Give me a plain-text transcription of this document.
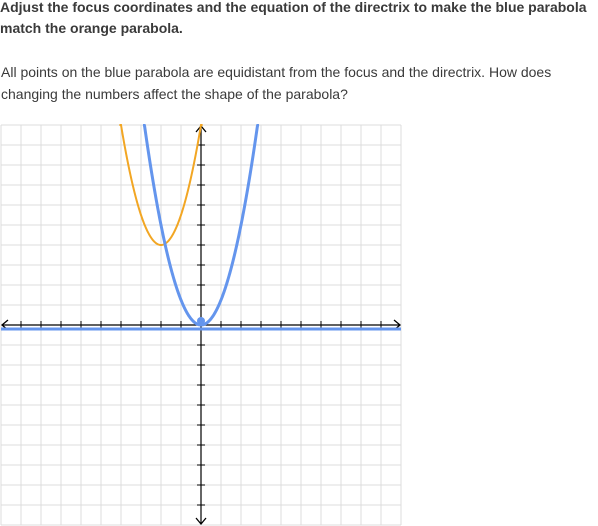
Adjust the focus coordinates and the equation of the directrix to make the blue parabola match the orange parabola.

All points on the blue parabola are equidistant from the focus and the directrix. How does changing the numbers affect the shape of the parabola?
